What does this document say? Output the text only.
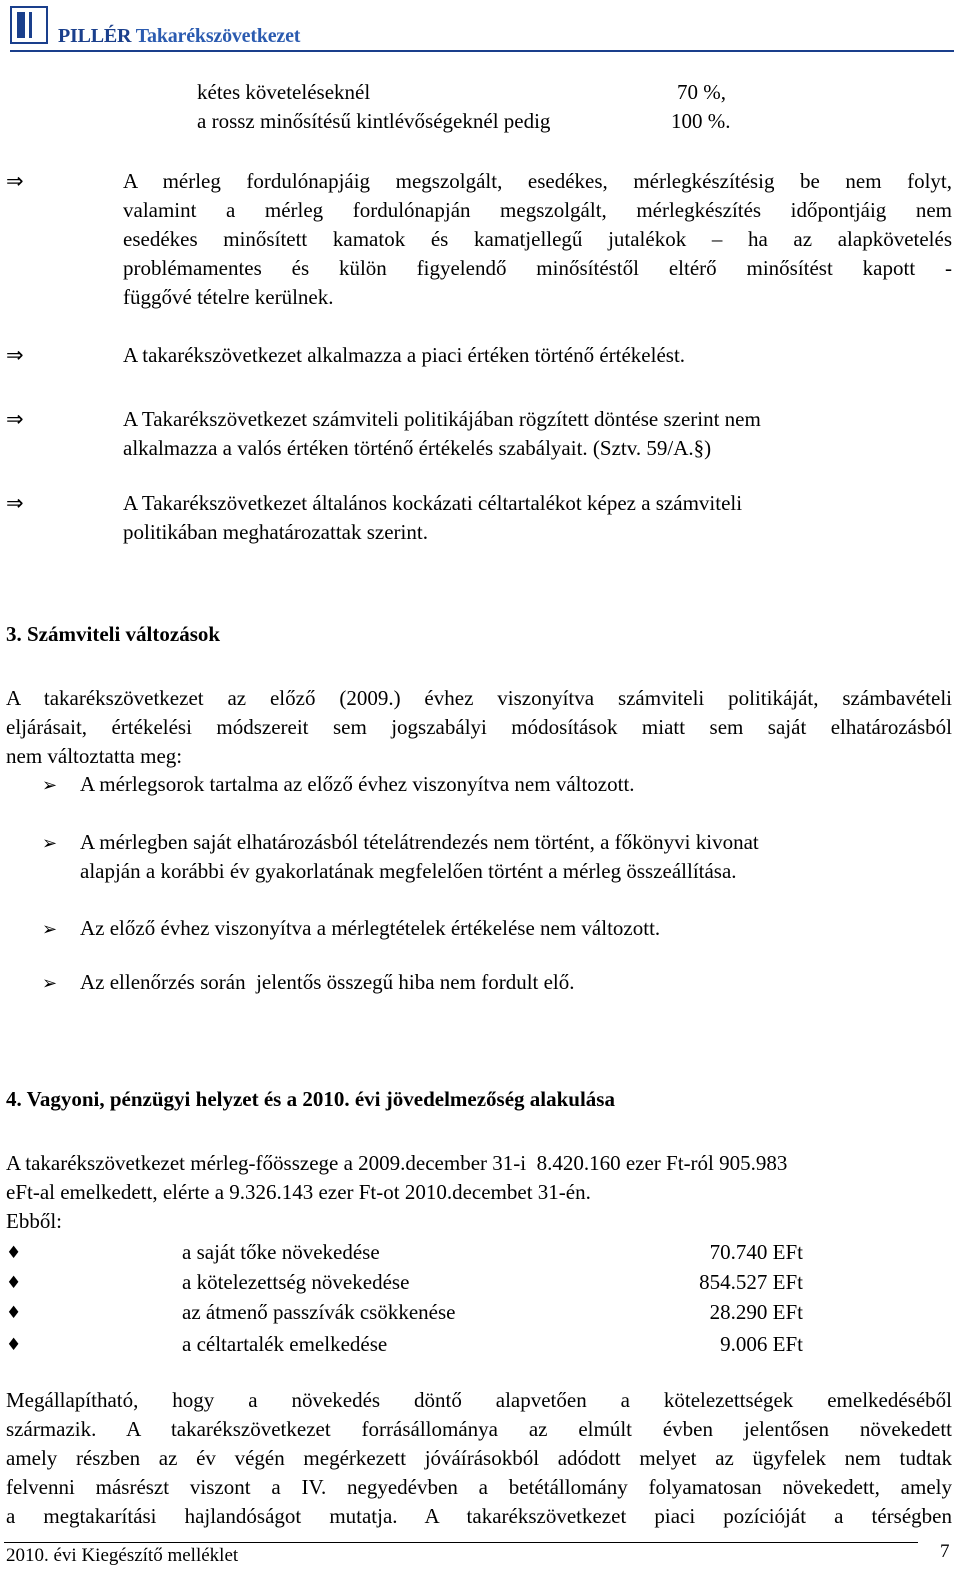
PILLÉR Takarékszövetkezet
kétes követeléseknél	70 %,
a rossz minősítésű kintlévőségeknél pedig	100 %.
⇒	A mérleg fordulónapjáig megszolgált, esedékes, mérlegkészítésig be nem folyt,
valamint a mérleg fordulónapján megszolgált, mérlegkészítés időpontjáig nem
esedékes minősített kamatok és kamatjellegű jutalékok – ha az alapkövetelés
problémamentes és külön figyelendő minősítéstől eltérő minősítést kapott -
függővé tételre kerülnek.
⇒	A takarékszövetkezet alkalmazza a piaci értéken történő értékelést.
⇒	A Takarékszövetkezet számviteli politikájában rögzített döntése szerint nem
alkalmazza a valós értéken történő értékelés szabályait. (Sztv. 59/A.§)
⇒	A Takarékszövetkezet általános kockázati céltartalékot képez a számviteli
politikában meghatározattak szerint.
3. Számviteli változások
A takarékszövetkezet az előző (2009.) évhez viszonyítva számviteli politikáját, számbavételi
eljárásait, értékelési módszereit sem jogszabályi módosítások miatt sem saját elhatározásból
nem változtatta meg:
➢ A mérlegsorok tartalma az előző évhez viszonyítva nem változott.
➢ A mérlegben saját elhatározásból tételátrendezés nem történt, a főkönyvi kivonat
alapján a korábbi év gyakorlatának megfelelően történt a mérleg összeállítása.
➢ Az előző évhez viszonyítva a mérlegtételek értékelése nem változott.
➢ Az ellenőrzés során  jelentős összegű hiba nem fordult elő.
4. Vagyoni, pénzügyi helyzet és a 2010. évi jövedelmezőség alakulása
A takarékszövetkezet mérleg-főösszege a 2009.december 31-i  8.420.160 ezer Ft-ról 905.983
eFt-al emelkedett, elérte a 9.326.143 ezer Ft-ot 2010.decembet 31-én.
Ebből:
♦	a saját tőke növekedése	70.740 EFt
♦	a kötelezettség növekedése	854.527 EFt
♦	az átmenő passzívák csökkenése	28.290 EFt
♦	a céltartalék emelkedése	9.006 EFt
Megállapítható, hogy a növekedés döntő alapvetően a kötelezettségek emelkedéséből
származik. A takarékszövetkezet forrásállománya az elmúlt évben jelentősen növekedett
amely részben az év végén megérkezett jóváírásokból adódott melyet az ügyfelek nem tudtak
felvenni másrészt viszont a IV. negyedévben a betétállomány folyamatosan növekedett, amely
a megtakarítási hajlandóságot mutatja. A takarékszövetkezet piaci pozícióját a térségben
2010. évi Kiegészítő melléklet	7
